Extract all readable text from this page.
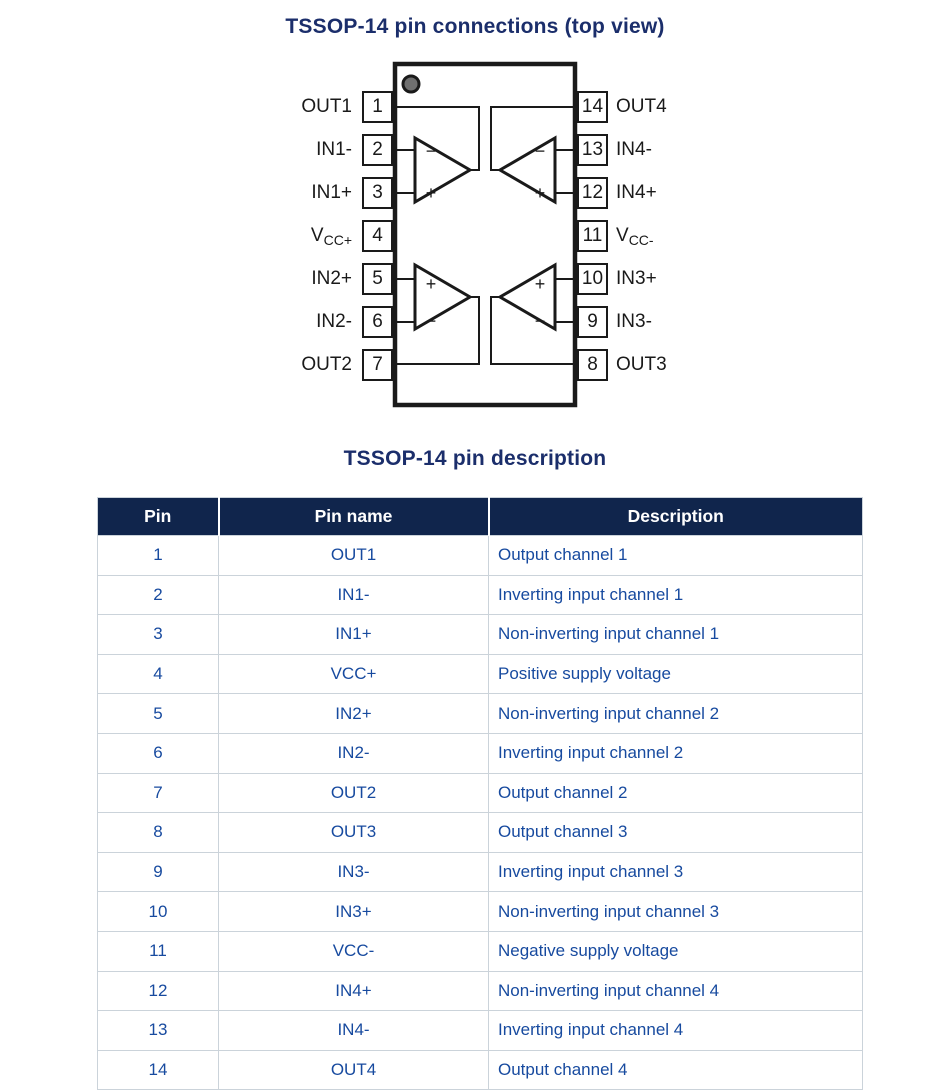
TSSOP-14 pin connections (top view)
−
+
−
+
+
−
+
−
1
OUT1
2
IN1-
3
IN1+
4
$V_{CC+}$
5
IN2+
6
IN2-
7
OUT2
14 OUT4
13 IN4-
12 IN4+
11 $V_{CC-}$
10 IN3+
9 IN3-
8 OUT3
TSSOP-14 pin description
Pin	Pin name	Description
1	OUT1	Output channel 1
2	IN1-	Inverting input channel 1
3	IN1+	Non-inverting input channel 1
4	VCC+	Positive supply voltage
5	IN2+	Non-inverting input channel 2
6	IN2-	Inverting input channel 2
7	OUT2	Output channel 2
8	OUT3	Output channel 3
9	IN3-	Inverting input channel 3
10	IN3+	Non-inverting input channel 3
11	VCC-	Negative supply voltage
12	IN4+	Non-inverting input channel 4
13	IN4-	Inverting input channel 4
14	OUT4	Output channel 4
